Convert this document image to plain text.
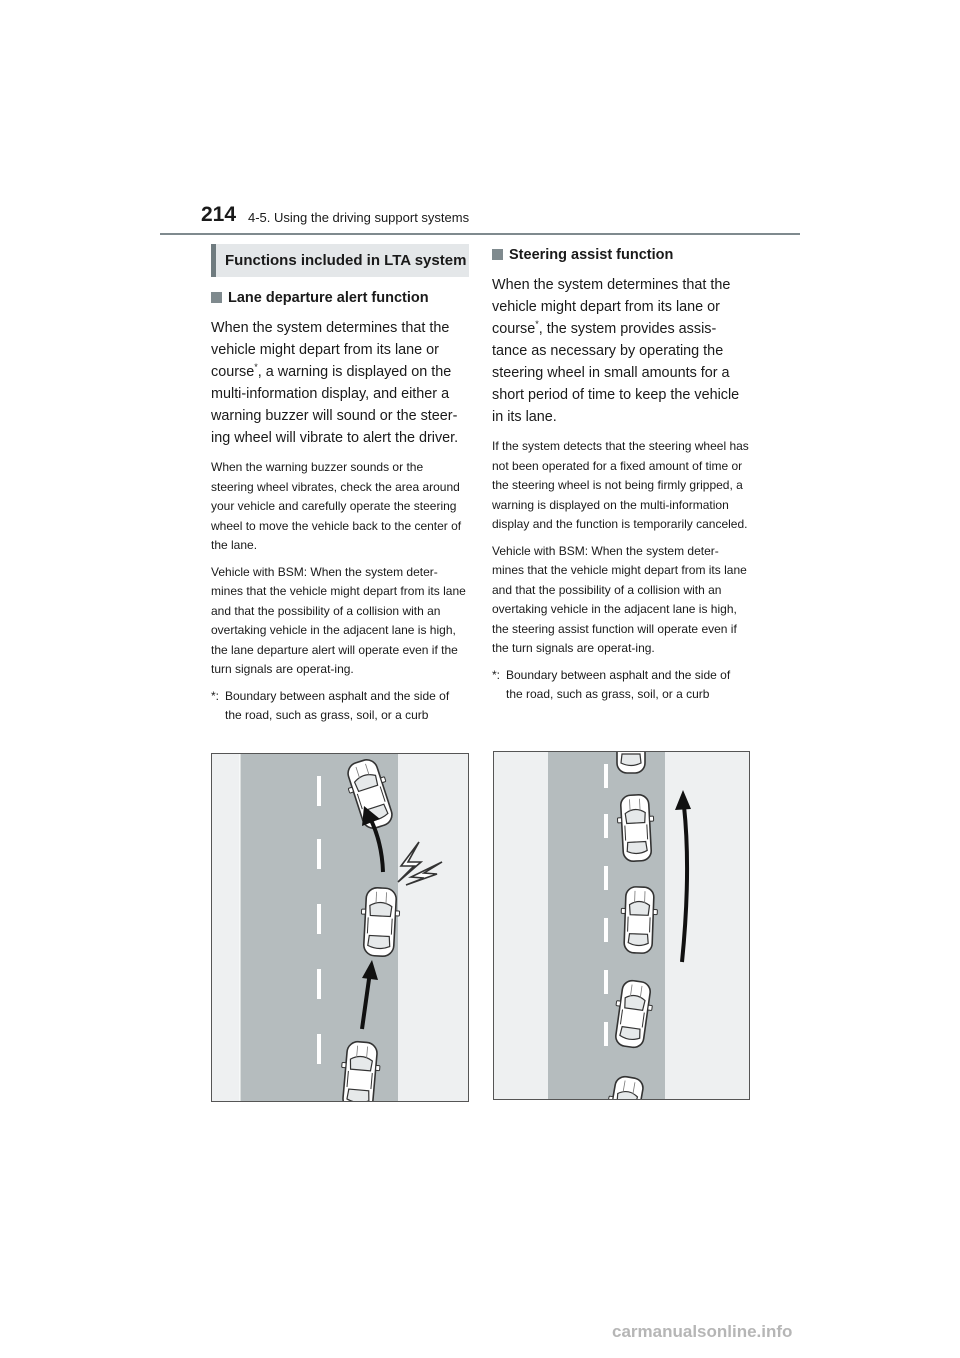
214 4-5. Using the driving support systems
Functions included in LTA system

Lane departure alert function

When the system determines that the vehicle might depart from its lane or course*, a warning is displayed on the multi-information display, and either a warning buzzer will sound or the steer-ing wheel will vibrate to alert the driver.

When the warning buzzer sounds or the steering wheel vibrates, check the area around your vehicle and carefully operate the steering wheel to move the vehicle back to the center of the lane.

Vehicle with BSM: When the system deter-mines that the vehicle might depart from its lane and that the possibility of a collision with an overtaking vehicle in the adjacent lane is high, the lane departure alert will operate even if the turn signals are operat-ing.

*: Boundary between asphalt and the side of the road, such as grass, soil, or a curb

Steering assist function

When the system determines that the vehicle might depart from its lane or course*, the system provides assis-tance as necessary by operating the steering wheel in small amounts for a short period of time to keep the vehicle in its lane.

If the system detects that the steering wheel has not been operated for a fixed amount of time or the steering wheel is not being firmly gripped, a warning is displayed on the multi-information display and the function is temporarily canceled.

Vehicle with BSM: When the system deter-mines that the vehicle might depart from its lane and that the possibility of a collision with an overtaking vehicle in the adjacent lane is high, the steering assist function will operate even if the turn signals are operat-ing.

*: Boundary between asphalt and the side of the road, such as grass, soil, or a curb
carmanualsonline.info
